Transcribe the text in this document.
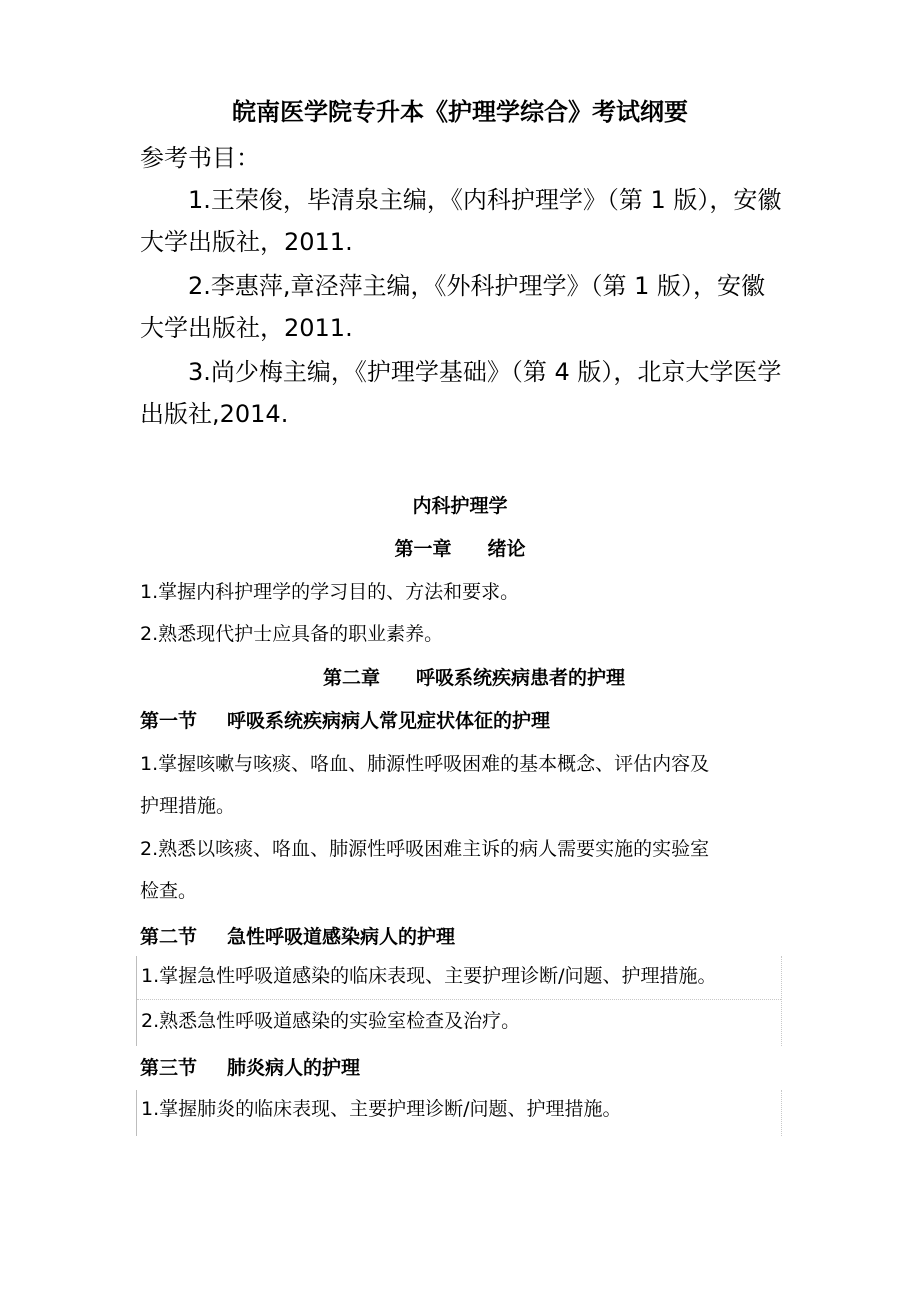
皖南医学院专升本《护理学综合》考试纲要
参考书目：
1.王荣俊，毕清泉主编，《内科护理学》（第 1 版），安徽
大学出版社，2011.
2.李惠萍,章泾萍主编，《外科护理学》（第 1 版），安徽
大学出版社，2011.
3.尚少梅主编，《护理学基础》（第 4 版），北京大学医学
出版社,2014.
内科护理学
第一章 绪论
1.掌握内科护理学的学习目的、方法和要求。
2.熟悉现代护士应具备的职业素养。
第二章 呼吸系统疾病患者的护理
第一节 呼吸系统疾病病人常见症状体征的护理
1.掌握咳嗽与咳痰、咯血、肺源性呼吸困难的基本概念、评估内容及
护理措施。
2.熟悉以咳痰、咯血、肺源性呼吸困难主诉的病人需要实施的实验室
检查。
第二节 急性呼吸道感染病人的护理
1.掌握急性呼吸道感染的临床表现、主要护理诊断/问题、护理措施。
2.熟悉急性呼吸道感染的实验室检查及治疗。
第三节 肺炎病人的护理
1.掌握肺炎的临床表现、主要护理诊断/问题、护理措施。
